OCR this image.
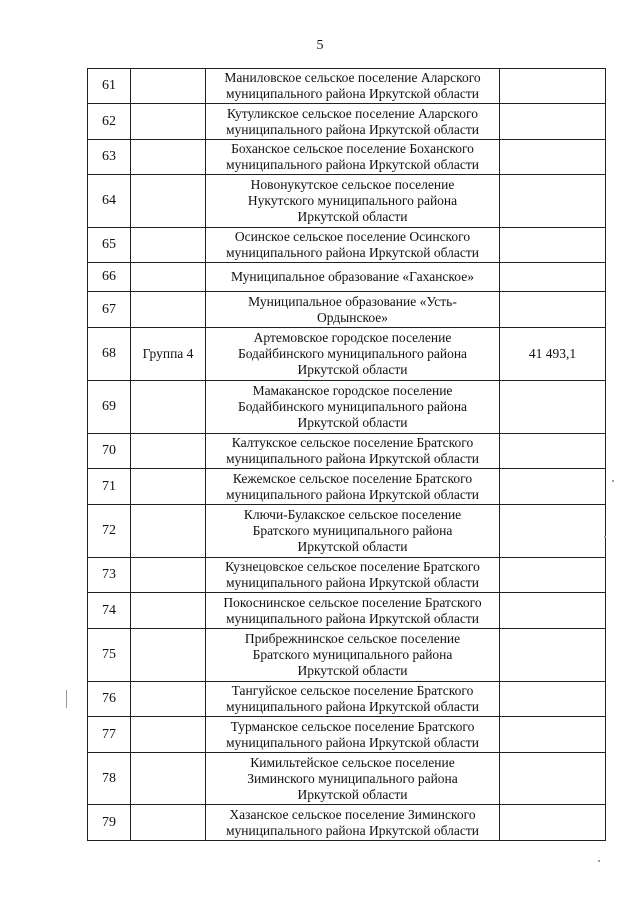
5
61		Маниловское сельское поселение Аларского
муниципального района Иркутской области	

62		Кутуликское сельское поселение Аларского
муниципального района Иркутской области	

63		Боханское сельское поселение Боханского
муниципального района Иркутской области	

64		Новонукутское сельское поселение
Нукутского муниципального района
Иркутской области	

65		Осинское сельское поселение Осинского
муниципального района Иркутской области	

66		Муниципальное образование «Гаханское»	

67		Муниципальное образование «Усть-
Ордынское»	

68	Группа 4	Артемовское городское поселение
Бодайбинского муниципального района
Иркутской области	41 493,1
69		Мамаканское городское поселение
Бодайбинского муниципального района
Иркутской области	

70		Калтукское сельское поселение Братского
муниципального района Иркутской области	

71		Кежемское сельское поселение Братского
муниципального района Иркутской области	

72		Ключи-Булакское сельское поселение
Братского муниципального района
Иркутской области	

73		Кузнецовское сельское поселение Братского
муниципального района Иркутской области	

74		Покоснинское сельское поселение Братского
муниципального района Иркутской области	

75		Прибрежнинское сельское поселение
Братского муниципального района
Иркутской области	

76		Тангуйское сельское поселение Братского
муниципального района Иркутской области	

77		Турманское сельское поселение Братского
муниципального района Иркутской области	

78		Кимильтейское сельское поселение
Зиминского муниципального района
Иркутской области	

79		Хазанское сельское поселение Зиминского
муниципального района Иркутской области	
